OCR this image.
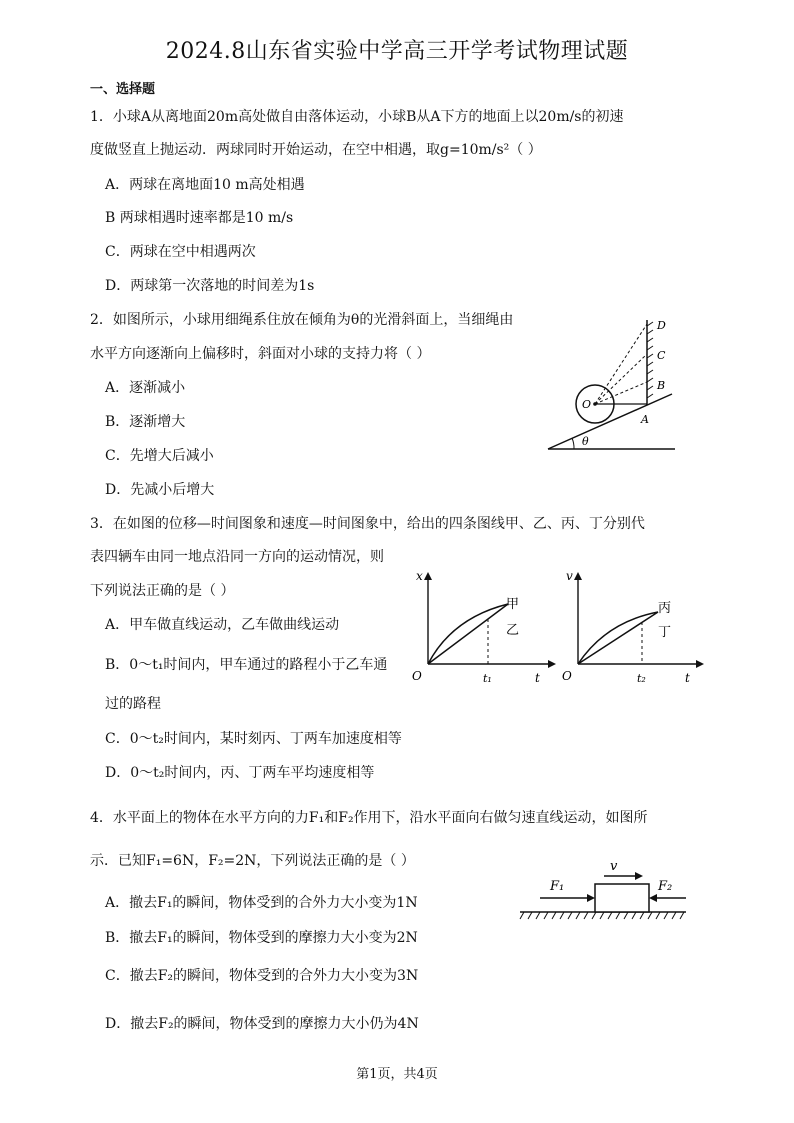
2024.8山东省实验中学高三开学考试物理试题
一、选择题
1．小球A从离地面20m高处做自由落体运动，小球B从A下方的地面上以20m/s的初速
度做竖直上抛运动．两球同时开始运动，在空中相遇，取g=10m/s²（ ）
A．两球在离地面10 m高处相遇
B 两球相遇时速率都是10 m/s
C．两球在空中相遇两次
D．两球第一次落地的时间差为1s
2．如图所示，小球用细绳系住放在倾角为θ的光滑斜面上，当细绳由
水平方向逐渐向上偏移时，斜面对小球的支持力将（ ）
A．逐渐减小
B．逐渐增大
C．先增大后减小
D．先减小后增大
θ
D
C
B
A
O
3．在如图的位移—时间图象和速度—时间图象中，给出的四条图线甲、乙、丙、丁分别代
表四辆车由同一地点沿同一方向的运动情况，则
下列说法正确的是（ ）
A．甲车做直线运动，乙车做曲线运动
B．0～t₁时间内，甲车通过的路程小于乙车通
过的路程
C．0～t₂时间内，某时刻丙、丁两车加速度相等
D．0～t₂时间内，丙、丁两车平均速度相等
x
t
O	t₁
甲
乙
v
t
O	t₂
丙
丁
4．水平面上的物体在水平方向的力F₁和F₂作用下，沿水平面向右做匀速直线运动，如图所
示．已知F₁=6N，F₂=2N，下列说法正确的是（ ）
A．撤去F₁的瞬间，物体受到的合外力大小变为1N
B．撤去F₁的瞬间，物体受到的摩擦力大小变为2N
C．撤去F₂的瞬间，物体受到的合外力大小变为3N
D．撤去F₂的瞬间，物体受到的摩擦力大小仍为4N
v
F₁	F₂
第1页，共4页
